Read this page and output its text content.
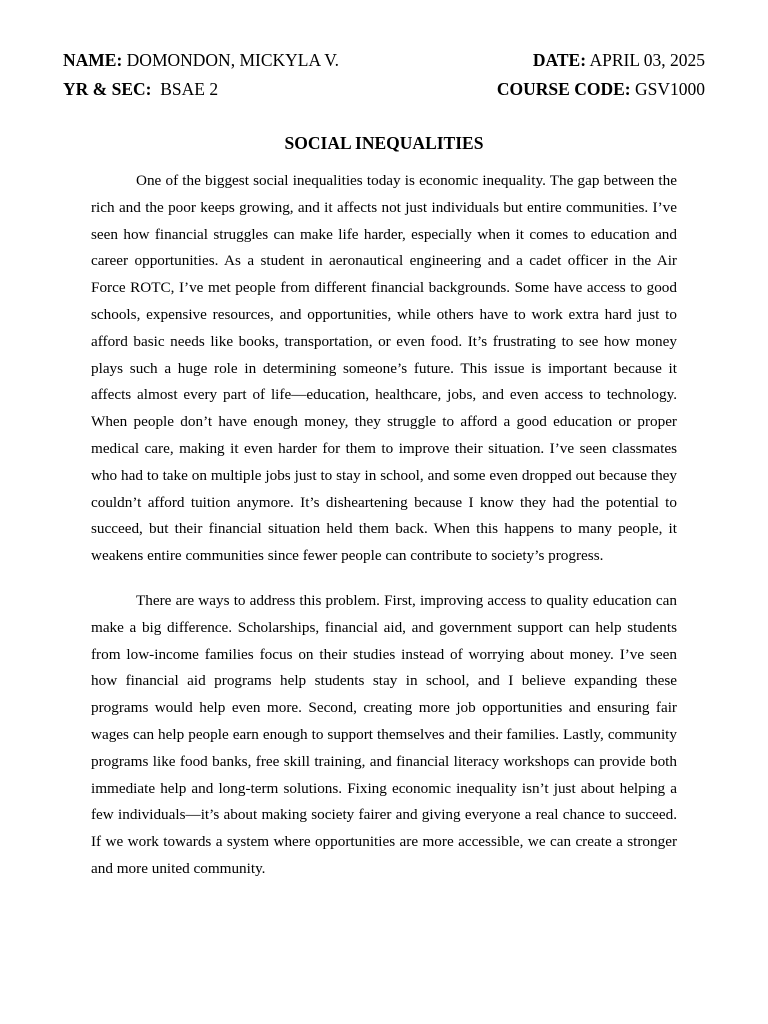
NAME: DOMONDON, MICKYLA V.	DATE: APRIL 03, 2025
YR & SEC:  BSAE 2	COURSE CODE: GSV1000
SOCIAL INEQUALITIES

One of the biggest social inequalities today is economic inequality. The gap between the rich and the poor keeps growing, and it affects not just individuals but entire communities. I’ve seen how financial struggles can make life harder, especially when it comes to education and career opportunities. As a student in aeronautical engineering and a cadet officer in the Air Force ROTC, I’ve met people from different financial backgrounds. Some have access to good schools, expensive resources, and opportunities, while others have to work extra hard just to afford basic needs like books, transportation, or even food. It’s frustrating to see how money plays such a huge role in determining someone’s future. This issue is important because it affects almost every part of life—education, healthcare, jobs, and even access to technology. When people don’t have enough money, they struggle to afford a good education or proper medical care, making it even harder for them to improve their situation. I’ve seen classmates who had to take on multiple jobs just to stay in school, and some even dropped out because they couldn’t afford tuition anymore. It’s disheartening because I know they had the potential to succeed, but their financial situation held them back. When this happens to many people, it weakens entire communities since fewer people can contribute to society’s progress.

There are ways to address this problem. First, improving access to quality education can make a big difference. Scholarships, financial aid, and government support can help students from low-income families focus on their studies instead of worrying about money. I’ve seen how financial aid programs help students stay in school, and I believe expanding these programs would help even more. Second, creating more job opportunities and ensuring fair wages can help people earn enough to support themselves and their families. Lastly, community programs like food banks, free skill training, and financial literacy workshops can provide both immediate help and long-term solutions. Fixing economic inequality isn’t just about helping a few individuals—it’s about making society fairer and giving everyone a real chance to succeed. If we work towards a system where opportunities are more accessible, we can create a stronger and more united community.
